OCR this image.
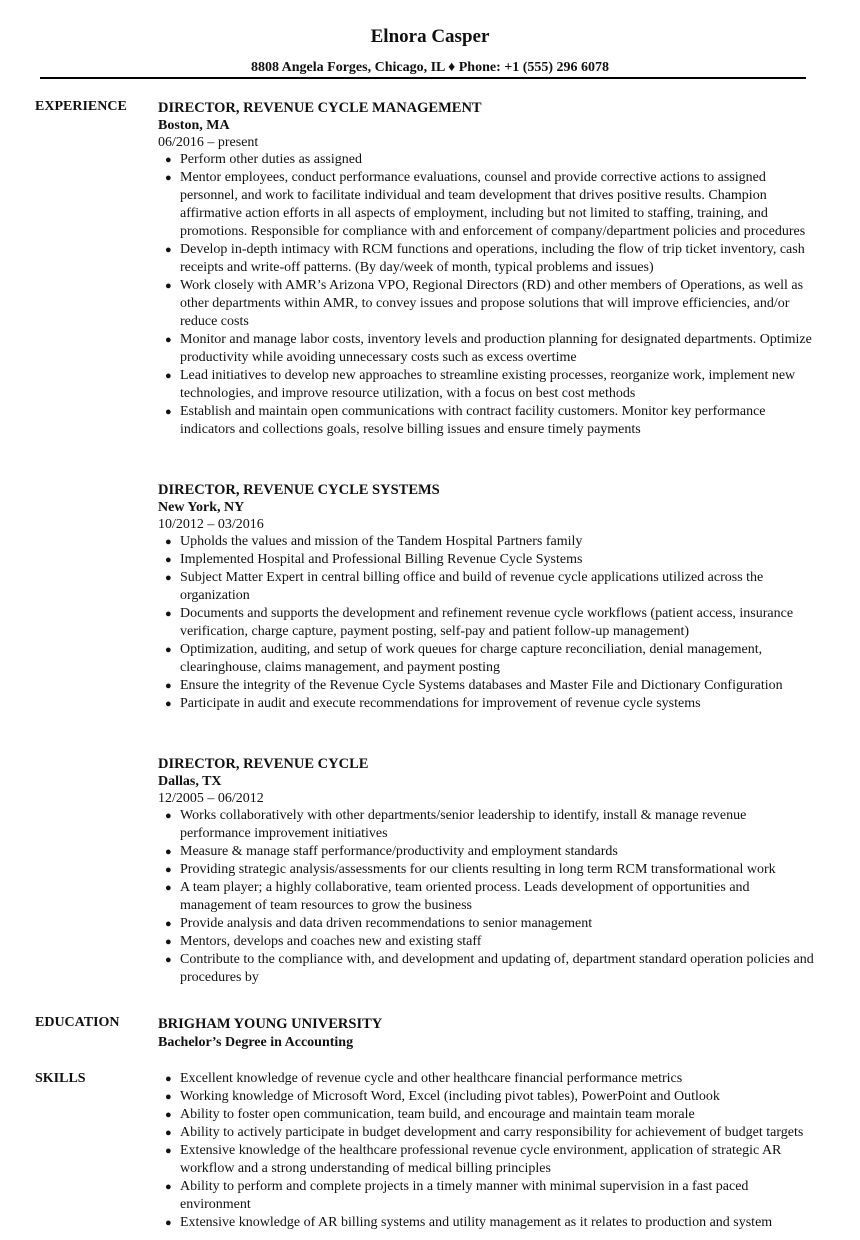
Elnora Casper
8808 Angela Forges, Chicago, IL ♦ Phone: +1 (555) 296 6078
EXPERIENCE DIRECTOR, REVENUE CYCLE MANAGEMENT
Boston, MA
06/2016 – present
● Perform other duties as assigned
● Mentor employees, conduct performance evaluations, counsel and provide corrective actions to assigned personnel, and work to facilitate individual and team development that drives positive results. Champion affirmative action efforts in all aspects of employment, including but not limited to staffing, training, and promotions. Responsible for compliance with and enforcement of company/department policies and procedures
● Develop in-depth intimacy with RCM functions and operations, including the flow of trip ticket inventory, cash receipts and write-off patterns. (By day/week of month, typical problems and issues)
● Work closely with AMR’s Arizona VPO, Regional Directors (RD) and other members of Operations, as well as other departments within AMR, to convey issues and propose solutions that will improve efficiencies, and/or reduce costs
● Monitor and manage labor costs, inventory levels and production planning for designated departments. Optimize productivity while avoiding unnecessary costs such as excess overtime
● Lead initiatives to develop new approaches to streamline existing processes, reorganize work, implement new technologies, and improve resource utilization, with a focus on best cost methods
● Establish and maintain open communications with contract facility customers. Monitor key performance indicators and collections goals, resolve billing issues and ensure timely payments
DIRECTOR, REVENUE CYCLE SYSTEMS
New York, NY
10/2012 – 03/2016
● Upholds the values and mission of the Tandem Hospital Partners family
● Implemented Hospital and Professional Billing Revenue Cycle Systems
● Subject Matter Expert in central billing office and build of revenue cycle applications utilized across the organization
● Documents and supports the development and refinement revenue cycle workflows (patient access, insurance verification, charge capture, payment posting, self-pay and patient follow-up management)
● Optimization, auditing, and setup of work queues for charge capture reconciliation, denial management, clearinghouse, claims management, and payment posting
● Ensure the integrity of the Revenue Cycle Systems databases and Master File and Dictionary Configuration
● Participate in audit and execute recommendations for improvement of revenue cycle systems
DIRECTOR, REVENUE CYCLE
Dallas, TX
12/2005 – 06/2012
● Works collaboratively with other departments/senior leadership to identify, install & manage revenue performance improvement initiatives
● Measure & manage staff performance/productivity and employment standards
● Providing strategic analysis/assessments for our clients resulting in long term RCM transformational work
● A team player; a highly collaborative, team oriented process. Leads development of opportunities and management of team resources to grow the business
● Provide analysis and data driven recommendations to senior management
● Mentors, develops and coaches new and existing staff
● Contribute to the compliance with, and development and updating of, department standard operation policies and procedures by
EDUCATION	BRIGHAM YOUNG UNIVERSITY
Bachelor’s Degree in Accounting
SKILLS	● Excellent knowledge of revenue cycle and other healthcare financial performance metrics
● Working knowledge of Microsoft Word, Excel (including pivot tables), PowerPoint and Outlook
● Ability to foster open communication, team build, and encourage and maintain team morale
● Ability to actively participate in budget development and carry responsibility for achievement of budget targets
● Extensive knowledge of the healthcare professional revenue cycle environment, application of strategic AR workflow and a strong understanding of medical billing principles
● Ability to perform and complete projects in a timely manner with minimal supervision in a fast paced environment
● Extensive knowledge of AR billing systems and utility management as it relates to production and system
